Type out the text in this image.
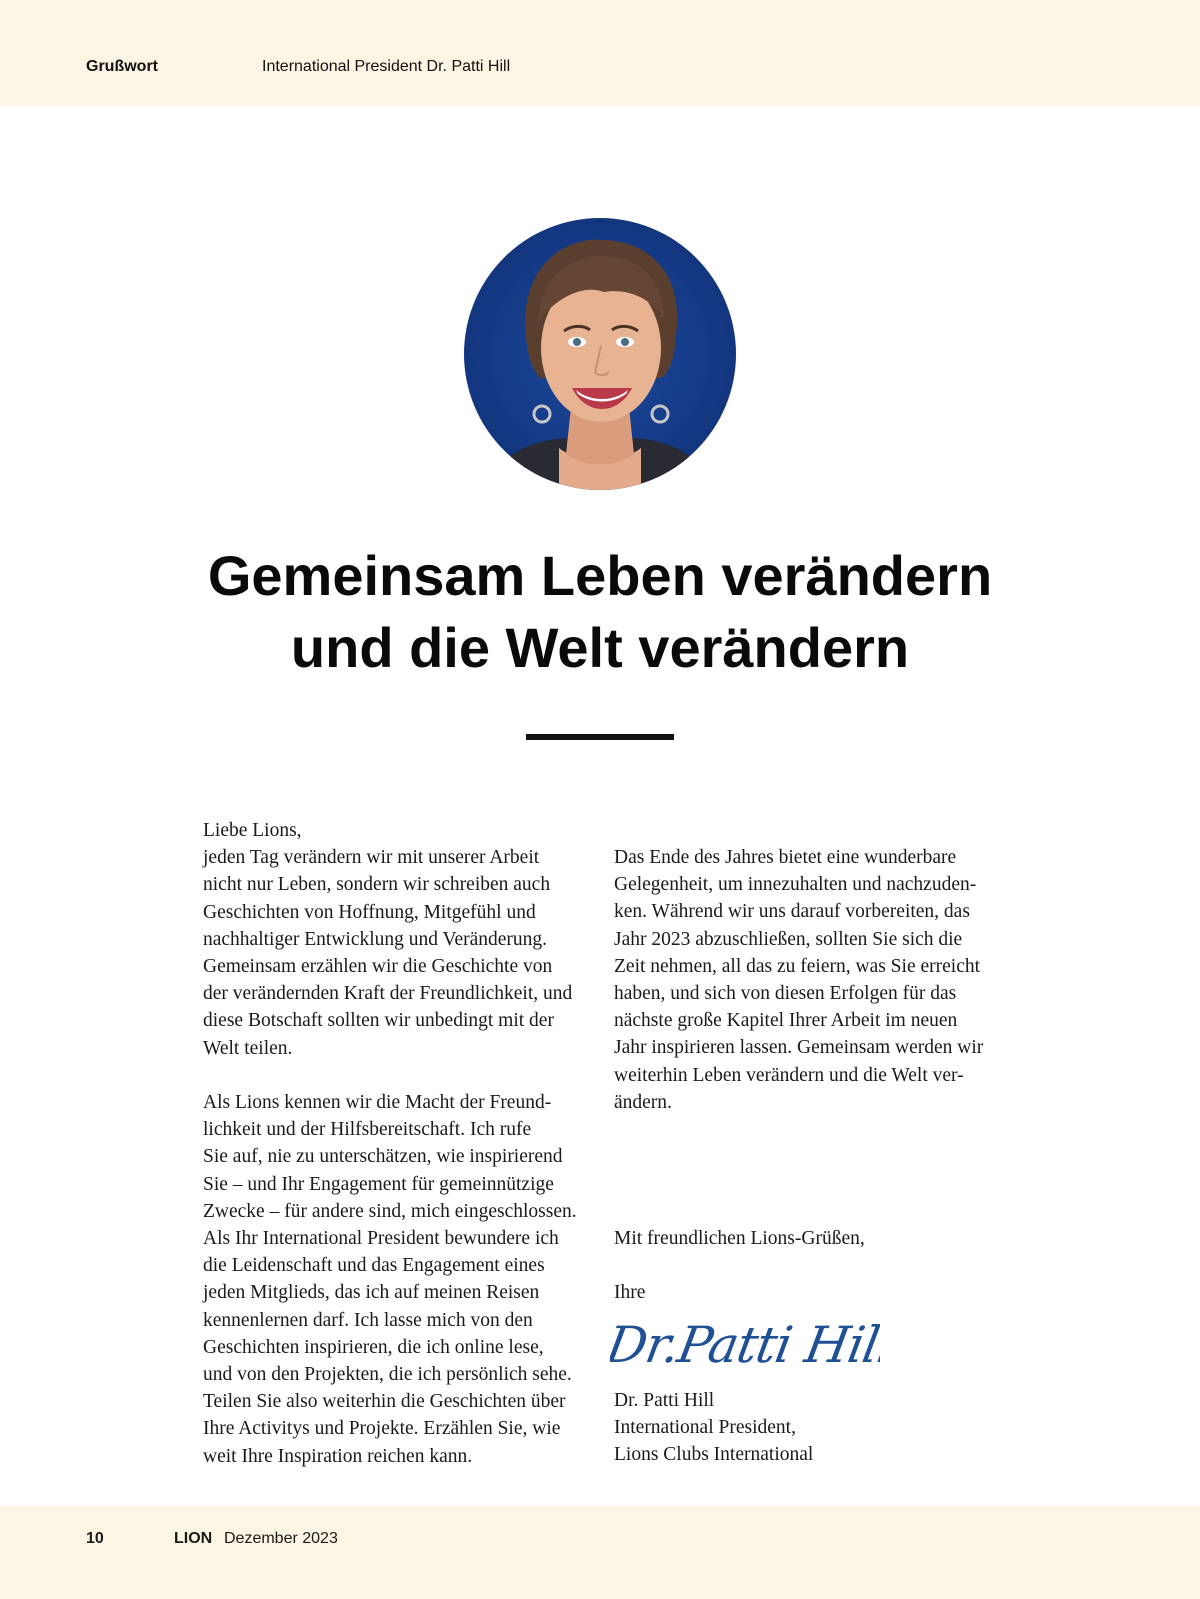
Grußwort	International President Dr. Patti Hill
Gemeinsam Leben verändern
und die Welt verändern

Liebe Lions,

jeden Tag verändern wir mit unserer Arbeit

nicht nur Leben, sondern wir schreiben auch

Geschichten von Hoffnung, Mitgefühl und

nachhaltiger Entwicklung und Veränderung.

Gemeinsam erzählen wir die Geschichte von

der verändernden Kraft der Freundlichkeit, und

diese Botschaft sollten wir unbedingt mit der

Welt teilen.

Als Lions kennen wir die Macht der Freund-

lichkeit und der Hilfsbereitschaft. Ich rufe

Sie auf, nie zu unterschätzen, wie inspirierend

Sie – und Ihr Engagement für gemeinnützige

Zwecke – für andere sind, mich eingeschlossen.

Als Ihr International President bewundere ich

die Leidenschaft und das Engagement eines

jeden Mitglieds, das ich auf meinen Reisen

kennenlernen darf. Ich lasse mich von den

Geschichten inspirieren, die ich online lese,

und von den Projekten, die ich persönlich sehe.

Teilen Sie also weiterhin die Geschichten über

Ihre Activitys und Projekte. Erzählen Sie, wie

weit Ihre Inspiration reichen kann.

Das Ende des Jahres bietet eine wunderbare

Gelegenheit, um innezuhalten und nachzuden-

ken. Während wir uns darauf vorbereiten, das

Jahr 2023 abzuschließen, sollten Sie sich die

Zeit nehmen, all das zu feiern, was Sie erreicht

haben, und sich von diesen Erfolgen für das

nächste große Kapitel Ihrer Arbeit im neuen

Jahr inspirieren lassen. Gemeinsam werden wir

weiterhin Leben verändern und die Welt ver-

ändern.

Mit freundlichen Lions-Grüßen,
Ihre
Dr.Patti Hill

Dr. Patti Hill

International President,

Lions Clubs International

10	LION Dezember 2023
